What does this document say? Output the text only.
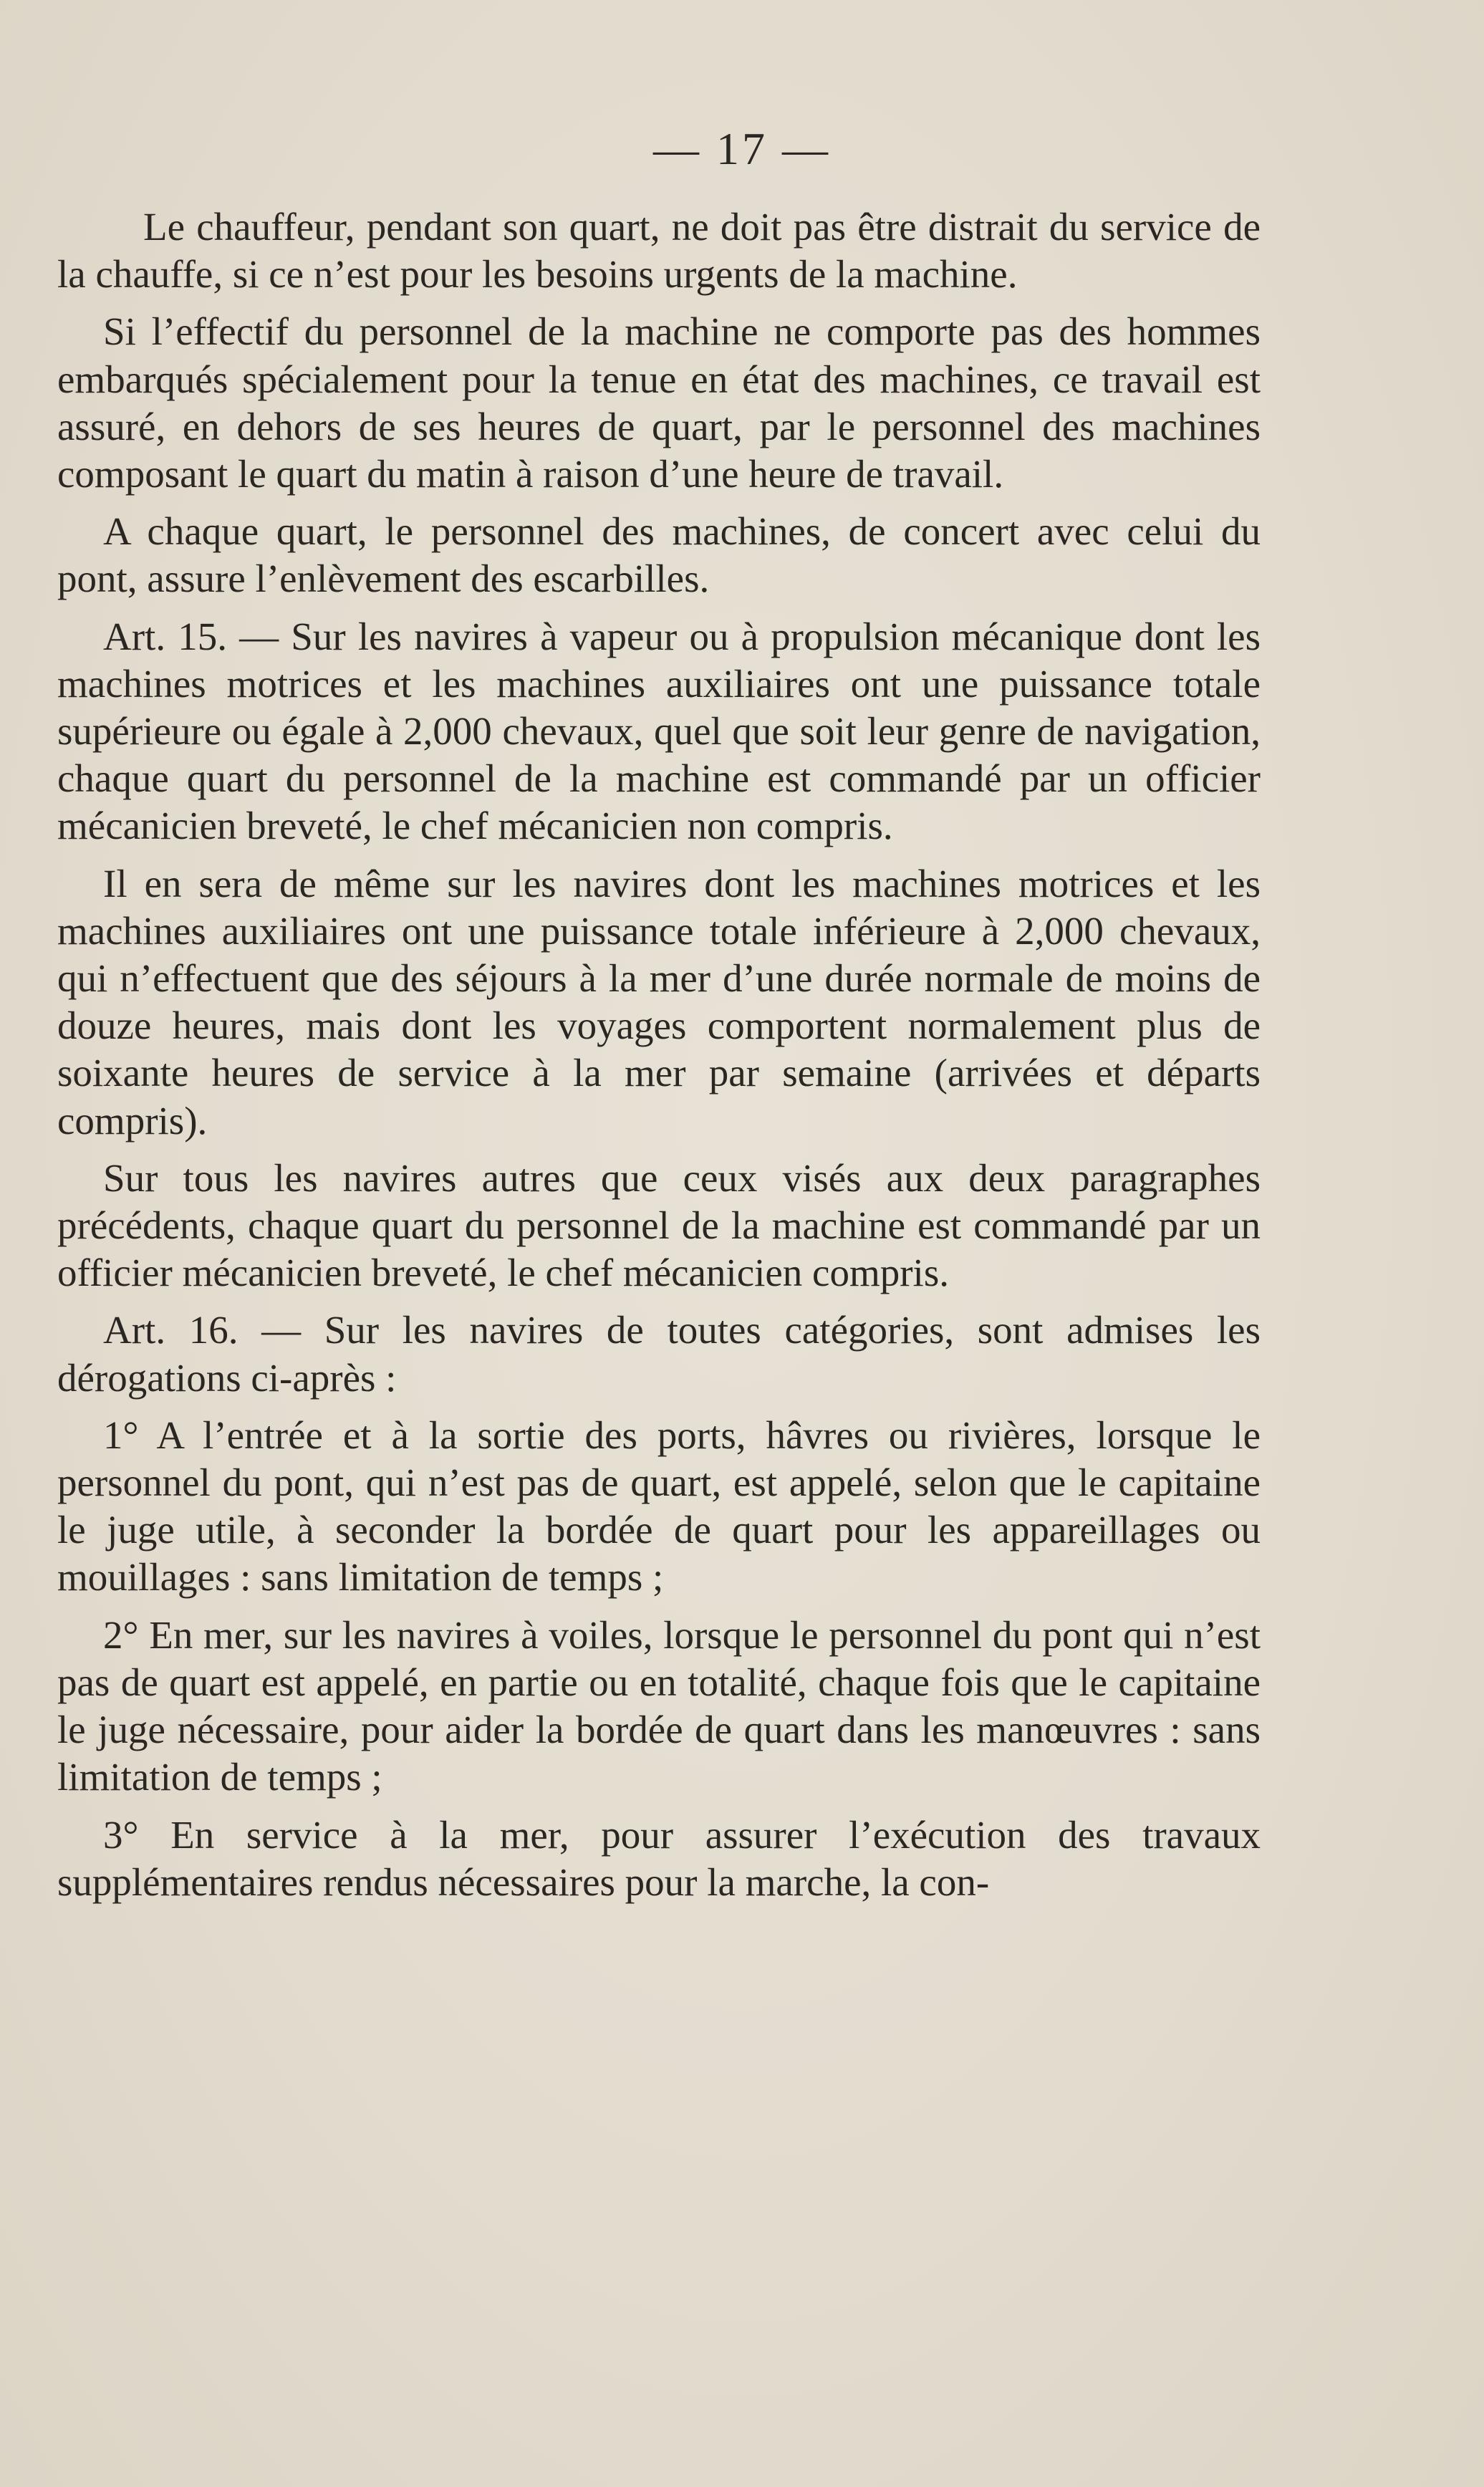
— 17 —

Le chauffeur, pendant son quart, ne doit pas être distrait du service de la chauffe, si ce n’est pour les besoins urgents de la machine.

Si l’effectif du personnel de la machine ne comporte pas des hommes embarqués spécialement pour la tenue en état des machines, ce travail est assuré, en dehors de ses heures de quart, par le personnel des machines composant le quart du matin à raison d’une heure de travail.

A chaque quart, le personnel des machines, de concert avec celui du pont, assure l’enlèvement des escarbilles.

Art. 15. — Sur les navires à vapeur ou à propulsion mécanique dont les machines motrices et les machines auxiliaires ont une puissance totale supérieure ou égale à 2,000 chevaux, quel que soit leur genre de navigation, chaque quart du personnel de la machine est commandé par un officier mécanicien breveté, le chef mécanicien non compris.

Il en sera de même sur les navires dont les machines motrices et les machines auxiliaires ont une puissance totale inférieure à 2,000 chevaux, qui n’effectuent que des séjours à la mer d’une durée normale de moins de douze heures, mais dont les voyages comportent normalement plus de soixante heures de service à la mer par semaine (arrivées et départs compris).

Sur tous les navires autres que ceux visés aux deux paragraphes précédents, chaque quart du personnel de la machine est commandé par un officier mécanicien breveté, le chef mécanicien compris.

Art. 16. — Sur les navires de toutes catégories, sont admises les dérogations ci-après :

1° A l’entrée et à la sortie des ports, hâvres ou rivières, lorsque le personnel du pont, qui n’est pas de quart, est appelé, selon que le capitaine le juge utile, à seconder la bordée de quart pour les appareillages ou mouillages : sans limitation de temps ;

2° En mer, sur les navires à voiles, lorsque le personnel du pont qui n’est pas de quart est appelé, en partie ou en totalité, chaque fois que le capitaine le juge nécessaire, pour aider la bordée de quart dans les manœuvres : sans limitation de temps ;

3° En service à la mer, pour assurer l’exécution des travaux supplémentaires rendus nécessaires pour la marche, la con-
